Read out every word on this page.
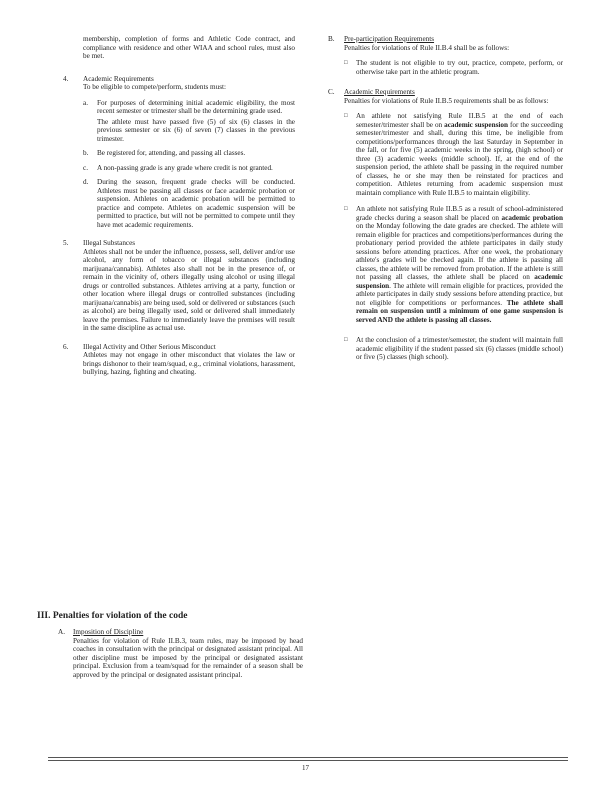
membership, completion of forms and Athletic Code contract, and compliance with residence and other WIAA and school rules, must also be met.

4. Academic Requirements

To be eligible to compete/perform, students must:

a. For purposes of determining initial academic eligibility, the most recent semester or trimester shall be the determining grade used.

The athlete must have passed five (5) of six (6) classes in the previous semester or six (6) of seven (7) classes in the previous trimester.

b. Be registered for, attending, and passing all classes.

c. A non-passing grade is any grade where credit is not granted.

d. During the season, frequent grade checks will be conducted. Athletes must be passing all classes or face academic probation or suspension. Athletes on academic probation will be permitted to practice and compete. Athletes on academic suspension will be permitted to practice, but will not be permitted to compete until they have met academic requirements.

5. Illegal Substances

Athletes shall not be under the influence, possess, sell, deliver and/or use alcohol, any form of tobacco or illegal substances (including marijuana/cannabis). Athletes also shall not be in the presence of, or remain in the vicinity of, others illegally using alcohol or using illegal drugs or controlled substances. Athletes arriving at a party, function or other location where illegal drugs or controlled substances (including marijuana/cannabis) are being used, sold or delivered or substances (such as alcohol) are being illegally used, sold or delivered shall immediately leave the premises. Failure to immediately leave the premises will result in the same discipline as actual use.

6. Illegal Activity and Other Serious Misconduct

Athletes may not engage in other misconduct that violates the law or brings dishonor to their team/squad, e.g., criminal violations, harassment, bullying, hazing, fighting and cheating.

III. Penalties for violation of the code
A. Imposition of Discipline

Penalties for violation of Rule II.B.3, team rules, may be imposed by head coaches in consultation with the principal or designated assistant principal. All other discipline must be imposed by the principal or designated assistant principal. Exclusion from a team/squad for the remainder of a season shall be approved by the principal or designated assistant principal.

B. Pre-participation Requirements

Penalties for violations of Rule II.B.4 shall be as follows:

□ The student is not eligible to try out, practice, compete, perform, or otherwise take part in the athletic program.

C. Academic Requirements

Penalties for violations of Rule II.B.5 requirements shall be as follows:

□ An athlete not satisfying Rule II.B.5 at the end of each semester/trimester shall be on academic suspension for the succeeding semester/trimester and shall, during this time, be ineligible from competitions/performances through the last Saturday in September in the fall, or for five (5) academic weeks in the spring, (high school) or three (3) academic weeks (middle school). If, at the end of the suspension period, the athlete shall be passing in the required number of classes, he or she may then be reinstated for practices and competition. Athletes returning from academic suspension must maintain compliance with Rule II.B.5 to maintain eligibility.

□ An athlete not satisfying Rule II.B.5 as a result of school-administered grade checks during a season shall be placed on academic probation on the Monday following the date grades are checked. The athlete will remain eligible for practices and competitions/performances during the probationary period provided the athlete participates in daily study sessions before attending practices. After one week, the probationary athlete's grades will be checked again. If the athlete is passing all classes, the athlete will be removed from probation. If the athlete is still not passing all classes, the athlete shall be placed on academic suspension. The athlete will remain eligible for practices, provided the athlete participates in daily study sessions before attending practice, but not eligible for competitions or performances. The athlete shall remain on suspension until a minimum of one game suspension is served AND the athlete is passing all classes.

□ At the conclusion of a trimester/semester, the student will maintain full academic eligibility if the student passed six (6) classes (middle school) or five (5) classes (high school).

17
